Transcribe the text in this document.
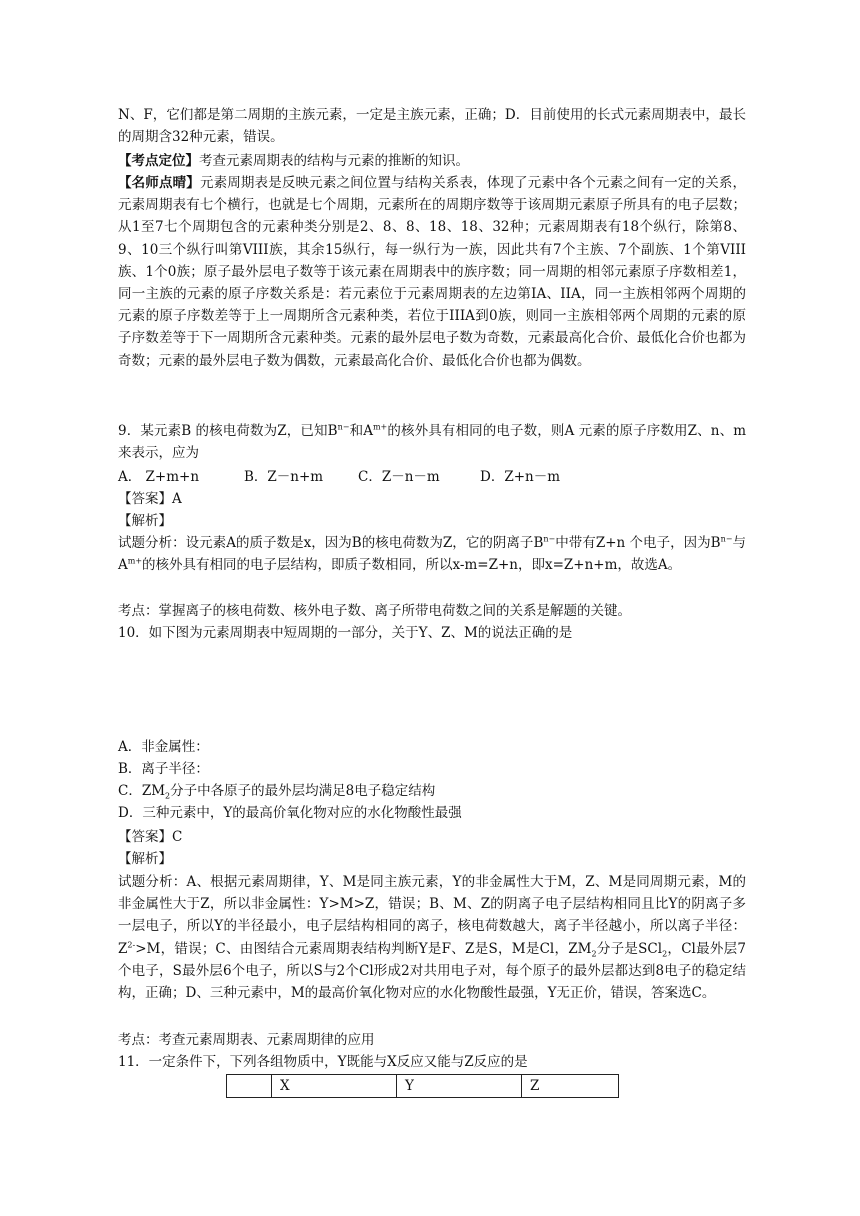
N、F，它们都是第二周期的主族元素，一定是主族元素，正确；D．目前使用的长式元素周期表中，最长的周期含32种元素，错误。
【考点定位】考查元素周期表的结构与元素的推断的知识。
【名师点晴】元素周期表是反映元素之间位置与结构关系表，体现了元素中各个元素之间有一定的关系，元素周期表有七个横行，也就是七个周期，元素所在的周期序数等于该周期元素原子所具有的电子层数；从1至7七个周期包含的元素种类分别是2、8、8、18、18、32种；元素周期表有18个纵行，除第8、9、10三个纵行叫第VIII族，其余15纵行，每一纵行为一族，因此共有7个主族、7个副族、1个第VIII族、1个0族；原子最外层电子数等于该元素在周期表中的族序数；同一周期的相邻元素原子序数相差1，同一主族的元素的原子序数关系是：若元素位于元素周期表的左边第IA、IIA，同一主族相邻两个周期的元素的原子序数差等于上一周期所含元素种类，若位于IIIA到0族，则同一主族相邻两个周期的元素的原子序数差等于下一周期所含元素种类。元素的最外层电子数为奇数，元素最高化合价、最低化合价也都为奇数；元素的最外层电子数为偶数，元素最高化合价、最低化合价也都为偶数。
9．某元素B 的核电荷数为Z，已知$B^{n-}$和$A^{m+}$的核外具有相同的电子数，则A 元素的原子序数用Z、n、m 来表示，应为
A． Z+m+n	B．Z－n+m	C．Z－n－m	D．Z+n－m
【答案】A
【解析】
试题分析：设元素A的质子数是x，因为B的核电荷数为Z，它的阴离子$B^{n-}$中带有Z+n 个电子，因为$B^{n-}$与$A^{m+}$的核外具有相同的电子层结构，即质子数相同，所以x-m=Z+n，即x=Z+n+m，故选A。
考点：掌握离子的核电荷数、核外电子数、离子所带电荷数之间的关系是解题的关键。
10．如下图为元素周期表中短周期的一部分，关于Y、Z、M的说法正确的是
A．非金属性：
B．离子半径：
C．$ZM_2$分子中各原子的最外层均满足8电子稳定结构
D．三种元素中，Y的最高价氧化物对应的水化物酸性最强
【答案】C
【解析】
试题分析：A、根据元素周期律，Y、M是同主族元素，Y的非金属性大于M，Z、M是同周期元素，M的非金属性大于Z，所以非金属性：Y>M>Z，错误；B、M、Z的阴离子电子层结构相同且比Y的阴离子多一层电子，所以Y的半径最小，电子层结构相同的离子，核电荷数越大，离子半径越小，所以离子半径：$Z^{2-}>M$，错误；C、由图结合元素周期表结构判断Y是F、Z是S，M是Cl，$ZM_2$分子是SCl$_2$，Cl最外层7个电子，S最外层6个电子，所以S与2个Cl形成2对共用电子对，每个原子的最外层都达到8电子的稳定结构，正确；D、三种元素中，M的最高价氧化物对应的水化物酸性最强，Y无正价，错误，答案选C。
考点：考查元素周期表、元素周期律的应用
11．一定条件下，下列各组物质中，Y既能与X反应又能与Z反应的是
	X	Y	Z
